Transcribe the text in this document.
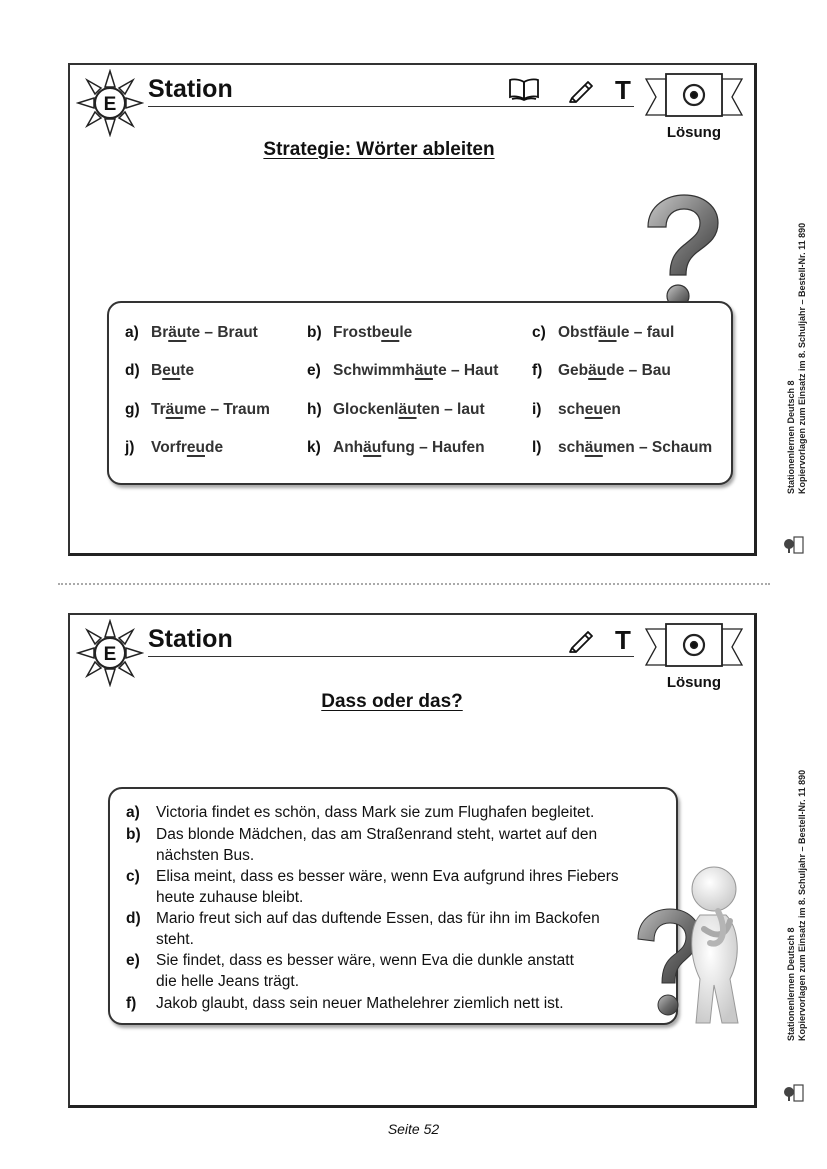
E
Station	T
Lösung
Strategie: Wörter ableiten
a) Bräute – Braut	b) Frostbeule	c) Obstfäule – faul
d) Beute	e) Schwimmhäute – Haut f) Gebäude – Bau
g) Träume – Traum h) Glockenläuten – laut	i) scheuen
j) Vorfreude	k) Anhäufung – Haufen	l) schäumen – Schaum	Stationenlernen Deutsch 8 Kopiervorlagen zum Einsatz im 8. Schuljahr – Bestell-Nr. 11 890
E
Station	T
Lösung
Dass oder das?
a) Victoria findet es schön, dass Mark sie zum Flughafen begleitet.
b) Das blonde Mädchen, das am Straßenrand steht, wartet auf den
nächsten Bus.
c) Elisa meint, dass es besser wäre, wenn Eva aufgrund ihres Fiebers
heute zuhause bleibt.
d) Mario freut sich auf das duftende Essen, das für ihn im Backofen
steht.
e) Sie findet, dass es besser wäre, wenn Eva die dunkle anstatt
die helle Jeans trägt.
f) Jakob glaubt, dass sein neuer Mathelehrer ziemlich nett ist.	Stationenlernen Deutsch 8 Kopiervorlagen zum Einsatz im 8. Schuljahr – Bestell-Nr. 11 890
Seite 52
